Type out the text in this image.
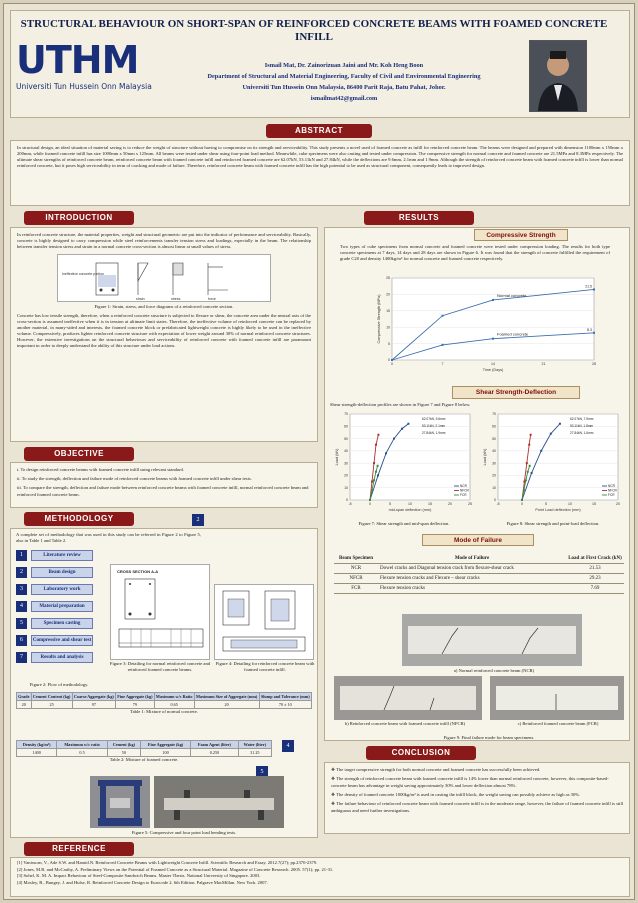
STRUCTURAL BEHAVIOUR ON SHORT-SPAN OF REINFORCED CONCRETE BEAMS WITH FOAMED CONCRETE INFILL
UTHM
Universiti Tun Hussein Onn Malaysia
Ismail Mat, Dr. Zainorizuan Jaini and Mr. Koh Heng Boon
Department of Structural and Material Engineering, Faculty of Civil and Environmental Engineering
Universiti Tun Hussein Onn Malaysia, 86400 Parit Raja, Batu Pahat, Johor.
ismailmat42@gmail.com
ABSTRACT
In structural design, an ideal situation of material saving is to reduce the weight of structure without having to compromise on its strength and serviceability. This study presents a novel used of foamed concrete as infill for reinforced concrete beam. The beams were designed and prepared with dimension 1100mm x 150mm x 200mm, while foamed concrete infill has size 1000mm x 50mm x 125mm. All beams were tested under shear using four-point load method. Meanwhile, cube specimens were also casting and tested under compression. The compressive strength for normal concrete and foamed concrete are 21.5MPa and 8.3MPa respectively. The ultimate shear strengths of reinforced concrete beam, reinforced concrete beam with foamed concrete infill and reinforced foamed concrete are 62.07kN, 53.11kN and 27.84kN, while the deflections are 9.6mm, 2.1mm and 1.9mm. Although the strength of reinforced concrete beam with foamed concrete infill is lower than normal reinforced concrete, but it poses high serviceability in term of cracking and mode of failure. Therefore, reinforced concrete beam with foamed concrete infill has the high potential to be used as structural component, consequently leads to improved design.
INTRODUCTION
In reinforced concrete structure, the material properties, weight and structural geometric are put into the indicator of performance and serviceability. Basically, concrete is highly designed to carry compression while steel reinforcements transfer tension stress and loadings, especially in the beam. The relationship between transfer tension stress and strain in a normal concrete cross-section is almost linear at small values of stress.
Ineffective concrete portion
strain	stress	force
Figure 1: Strain, stress, and force diagrams of a reinforced concrete section.
Concrete has low tensile strength, therefore, when a reinforced concrete structure is subjected to flexure or shear, the concrete area under the neutral axis of the cross-section is assumed ineffective when it is in tension at ultimate limit states. Therefore, the ineffective volume of reinforced concrete can be replaced by another material, in many-sided and interests, the foamed concrete block or prefabricated lightweight concrete is highly likely to be used in the ineffective volume. Compressively, produces lighter reinforced concrete structure with expectation of lower weight around 30% of normal reinforced concrete structures. However, the extensive investigations on the structural behaviours and serviceability of reinforced concrete with foamed concrete infill are paramount important in order to deeply understand the ability of this structure under load actions.
OBJECTIVE
i. To design reinforced concrete beams with foamed concrete infill using relevant standard.
ii. To study the strength, deflection and failure mode of reinforced concrete beams with foamed concrete infill under shear tests.
iii. To compare the strength, deflection and failure mode between reinforced concrete beams with foamed concrete infill, normal reinforced concrete beam and reinforced foamed concrete beam.
METHODOLOGY
A complete set of methodology that was used in this study can be referred in Figure 2 to Figure 5, also in Table 1 and Table 2.
2
1	Literature review
2	Beam design
3	Laboratory work
4	Material preparation
5	Specimen casting
6	Compressive and shear test
7	Results and analysis
Figure 2: Flow of methodology.
CROSS SECTION A-A
Figure 3: Detailing for normal reinforced concrete and reinforced foamed concrete beams.
Figure 4: Detailing for reinforced concrete beam with foamed concrete infill.
Grade	Cement Content (kg)	Coarse Aggregate (kg)	Fine Aggregate (kg)	Maximum w/c Ratio	Maximum Size of Aggregate (mm)	Slump and Tolerance (mm)
20	25	97	79	0.65	20	70 ± 10
Table 1: Mixture of normal concrete.
Density (kg/m³)	Maximum w/c ratio	Cement (kg)	Fine Aggregate (kg)	Foam Agent (liter)	Water (liter)
1400	0.5	50	100	0.250	31.25
Table 2: Mixture of foamed concrete.
4
5
Figure 5: Compressive and four point load bending tests.
RESULTS
Compressive Strength
Two types of cube specimens from normal concrete and foamed concrete were tested under compression loading. The results for both type concrete specimens at 7 days, 14 days and 28 days are shown in Figure 6. It was found that the strength of concrete fulfilled the requirement of grade C20 and density 1400kg/m³ for normal concrete and foamed concrete respectively.
0
5
10
15
20
25
0	7	14	21	28
Time (Days)
Compressive Strength (MPa)	Normal concrete
21.5
Foamed concrete
8.3
Shear Strength-Deflection
Shear strength-deflection profiles are shown in Figure 7 and Figure 8 below.
0
10
20
30
40
50
60
70
-5	0	5	10	15	20	25
mid-span deflection (mm)
Load (kN)
62.07kN, 9.6mm
53.11kN, 2.1mm
27.84kN, 1.9mm
NCR
NFCR
FCR
0
10
20
30
40
50
60
70
-5	0	5	10	15	20
Point Load deflection (mm)
Load (kN)
62.07kN, 7.9mm
53.11kN, 1.8mm
27.84kN, 1.6mm
NCR
NFCR
FCR
Figure 7: Shear strength and mid-span deflection.	Figure 8: Shear strength and point-load deflection.
Mode of Failure
Beam Specimen	Mode of Failure	Load at First Crack (kN)
NCR	Dowel cracks and Diagonal tension crack from flexure-shear crack	21.53
NFCR	Flexure tension cracks and Flexure – shear cracks	29.23
FCR	Flexure tension cracks	7.69
a) Normal reinforced concrete beam (NCR)
b) Reinforced concrete beam with foamed concrete infill (NFCR)	c) Reinforced foamed concrete beam (FCR)
Figure 9: Final failure mode for beam specimens.
CONCLUSION
❖ The target compressive strength for both normal concrete and foamed concrete has successfully been achieved.
❖ The strength of reinforced concrete beam with foamed concrete infill is 14% lower than normal reinforced concrete, however, this composite-based-concrete beam has advantage in weight saving approximately 30% and lower deflection almost 78%.
❖ The density of foamed concrete 1000kg/m³ is used in casting the infill block, the weight saving can possibly achieve as high as 30%.
❖ The failure behaviour of reinforced concrete beam with foamed concrete infill is in the moderate range, however, the failure of foamed concrete infill is still ambiguous and need further investigations.
REFERENCE
[1] Vanissorn, V., Ade S.W. and Hamid.N. Reinforced Concrete Beams with Lightweight Concrete Infill. Scientific Research and Essay. 2012.7(27); pp.2370-2379.
[2] Jones, M.R. and McCarthy, A. Preliminary Views on the Potential of Foamed Concrete as a Structural Material. Magazine of Concrete Research. 2005. 57(1); pp. 21-31.
[3] Sohel, K. M. A. Impact Behaviour of Steel-Composite Sandwich Beams. Master Thesis. National University of Singapore. 2003.
[4] Mosley, B., Bungey, J. and Hulse, R. Reinforced Concrete Design to Eurocode 2. 6th Edition. Palgrave MacMillan. New York. 2007.
